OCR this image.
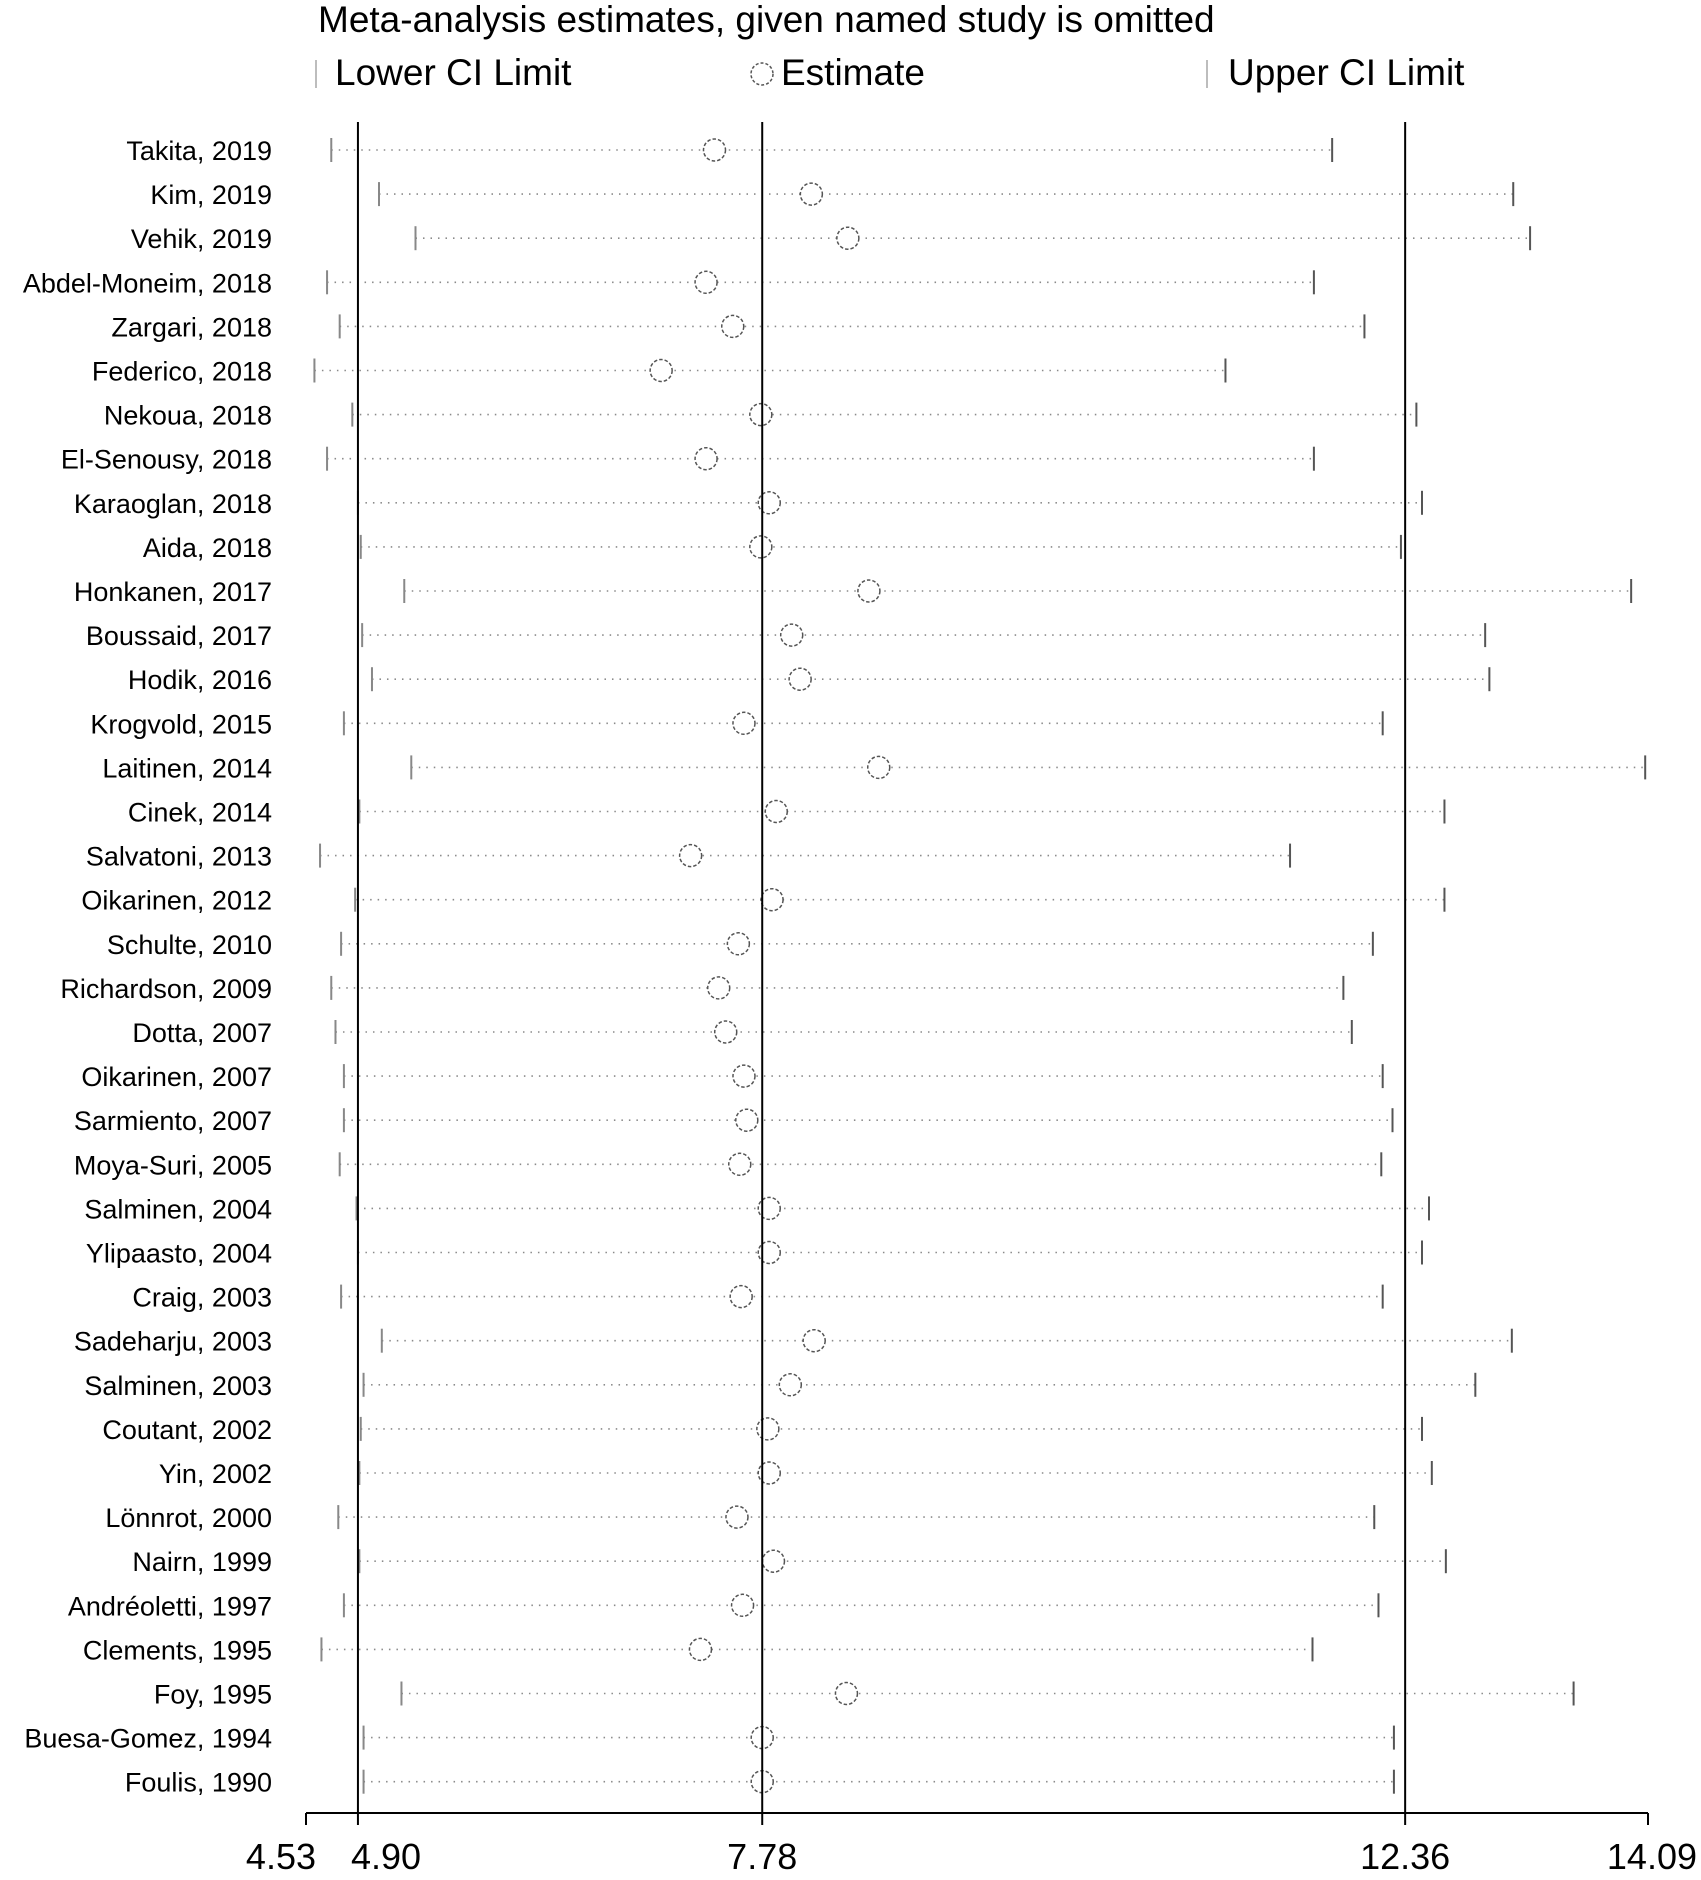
Meta-analysis estimates, given named study is omitted
Lower CI Limit	Estimate	Upper CI Limit
Takita, 2019
Kim, 2019
Vehik, 2019
Abdel-Moneim, 2018
Zargari, 2018
Federico, 2018
Nekoua, 2018
El-Senousy, 2018
Karaoglan, 2018
Aida, 2018
Honkanen, 2017
Boussaid, 2017
Hodik, 2016
Krogvold, 2015
Laitinen, 2014
Cinek, 2014
Salvatoni, 2013
Oikarinen, 2012
Schulte, 2010
Richardson, 2009
Dotta, 2007
Oikarinen, 2007
Sarmiento, 2007
Moya-Suri, 2005
Salminen, 2004
Ylipaasto, 2004
Craig, 2003
Sadeharju, 2003
Salminen, 2003
Coutant, 2002
Yin, 2002
Lönnrot, 2000
Nairn, 1999
Andréoletti, 1997
Clements, 1995
Foy, 1995
Buesa-Gomez, 1994
Foulis, 1990
4.53 4.90	7.78	12.36	14.09
